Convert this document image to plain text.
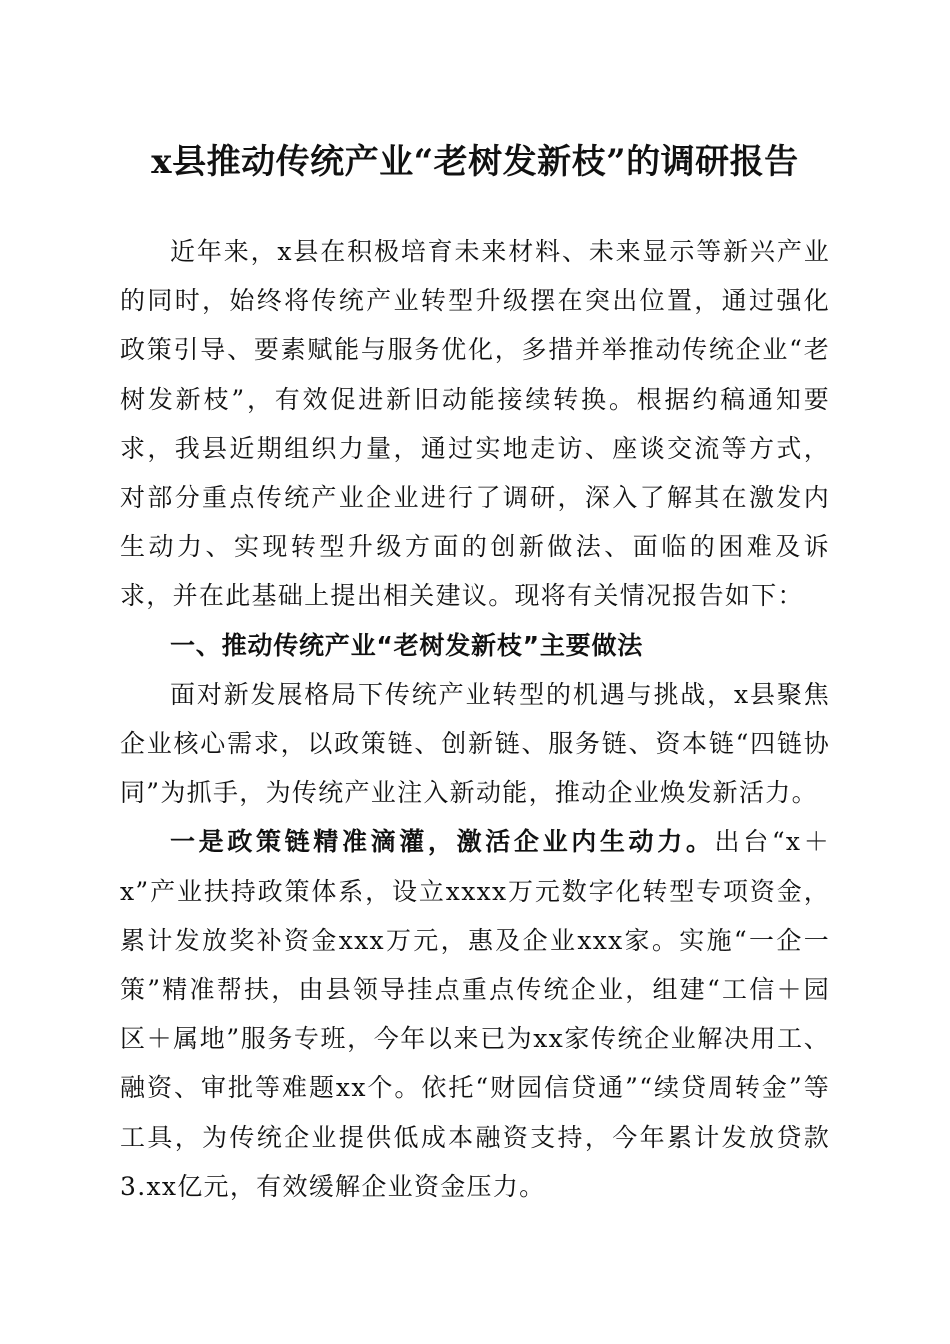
x县推动传统产业“老树发新枝”的调研报告

近年来，x县在积极培育未来材料、未来显示等新兴产业的同时，始终将传统产业转型升级摆在突出位置，通过强化政策引导、要素赋能与服务优化，多措并举推动传统企业“老树发新枝”，有效促进新旧动能接续转换。根据约稿通知要求，我县近期组织力量，通过实地走访、座谈交流等方式，对部分重点传统产业企业进行了调研，深入了解其在激发内生动力、实现转型升级方面的创新做法、面临的困难及诉求，并在此基础上提出相关建议。现将有关情况报告如下：

一、推动传统产业“老树发新枝”主要做法

面对新发展格局下传统产业转型的机遇与挑战，x县聚焦企业核心需求，以政策链、创新链、服务链、资本链“四链协同”为抓手，为传统产业注入新动能，推动企业焕发新活力。

一是政策链精准滴灌，激活企业内生动力。出台“x＋x”产业扶持政策体系，设立xxxx万元数字化转型专项资金，累计发放奖补资金xxx万元，惠及企业xxx家。实施“一企一策”精准帮扶，由县领导挂点重点传统企业，组建“工信＋园区＋属地”服务专班，今年以来已为xx家传统企业解决用工、融资、审批等难题xx个。依托“财园信贷通”“续贷周转金”等工具，为传统企业提供低成本融资支持，今年累计发放贷款3.xx亿元，有效缓解企业资金压力。
